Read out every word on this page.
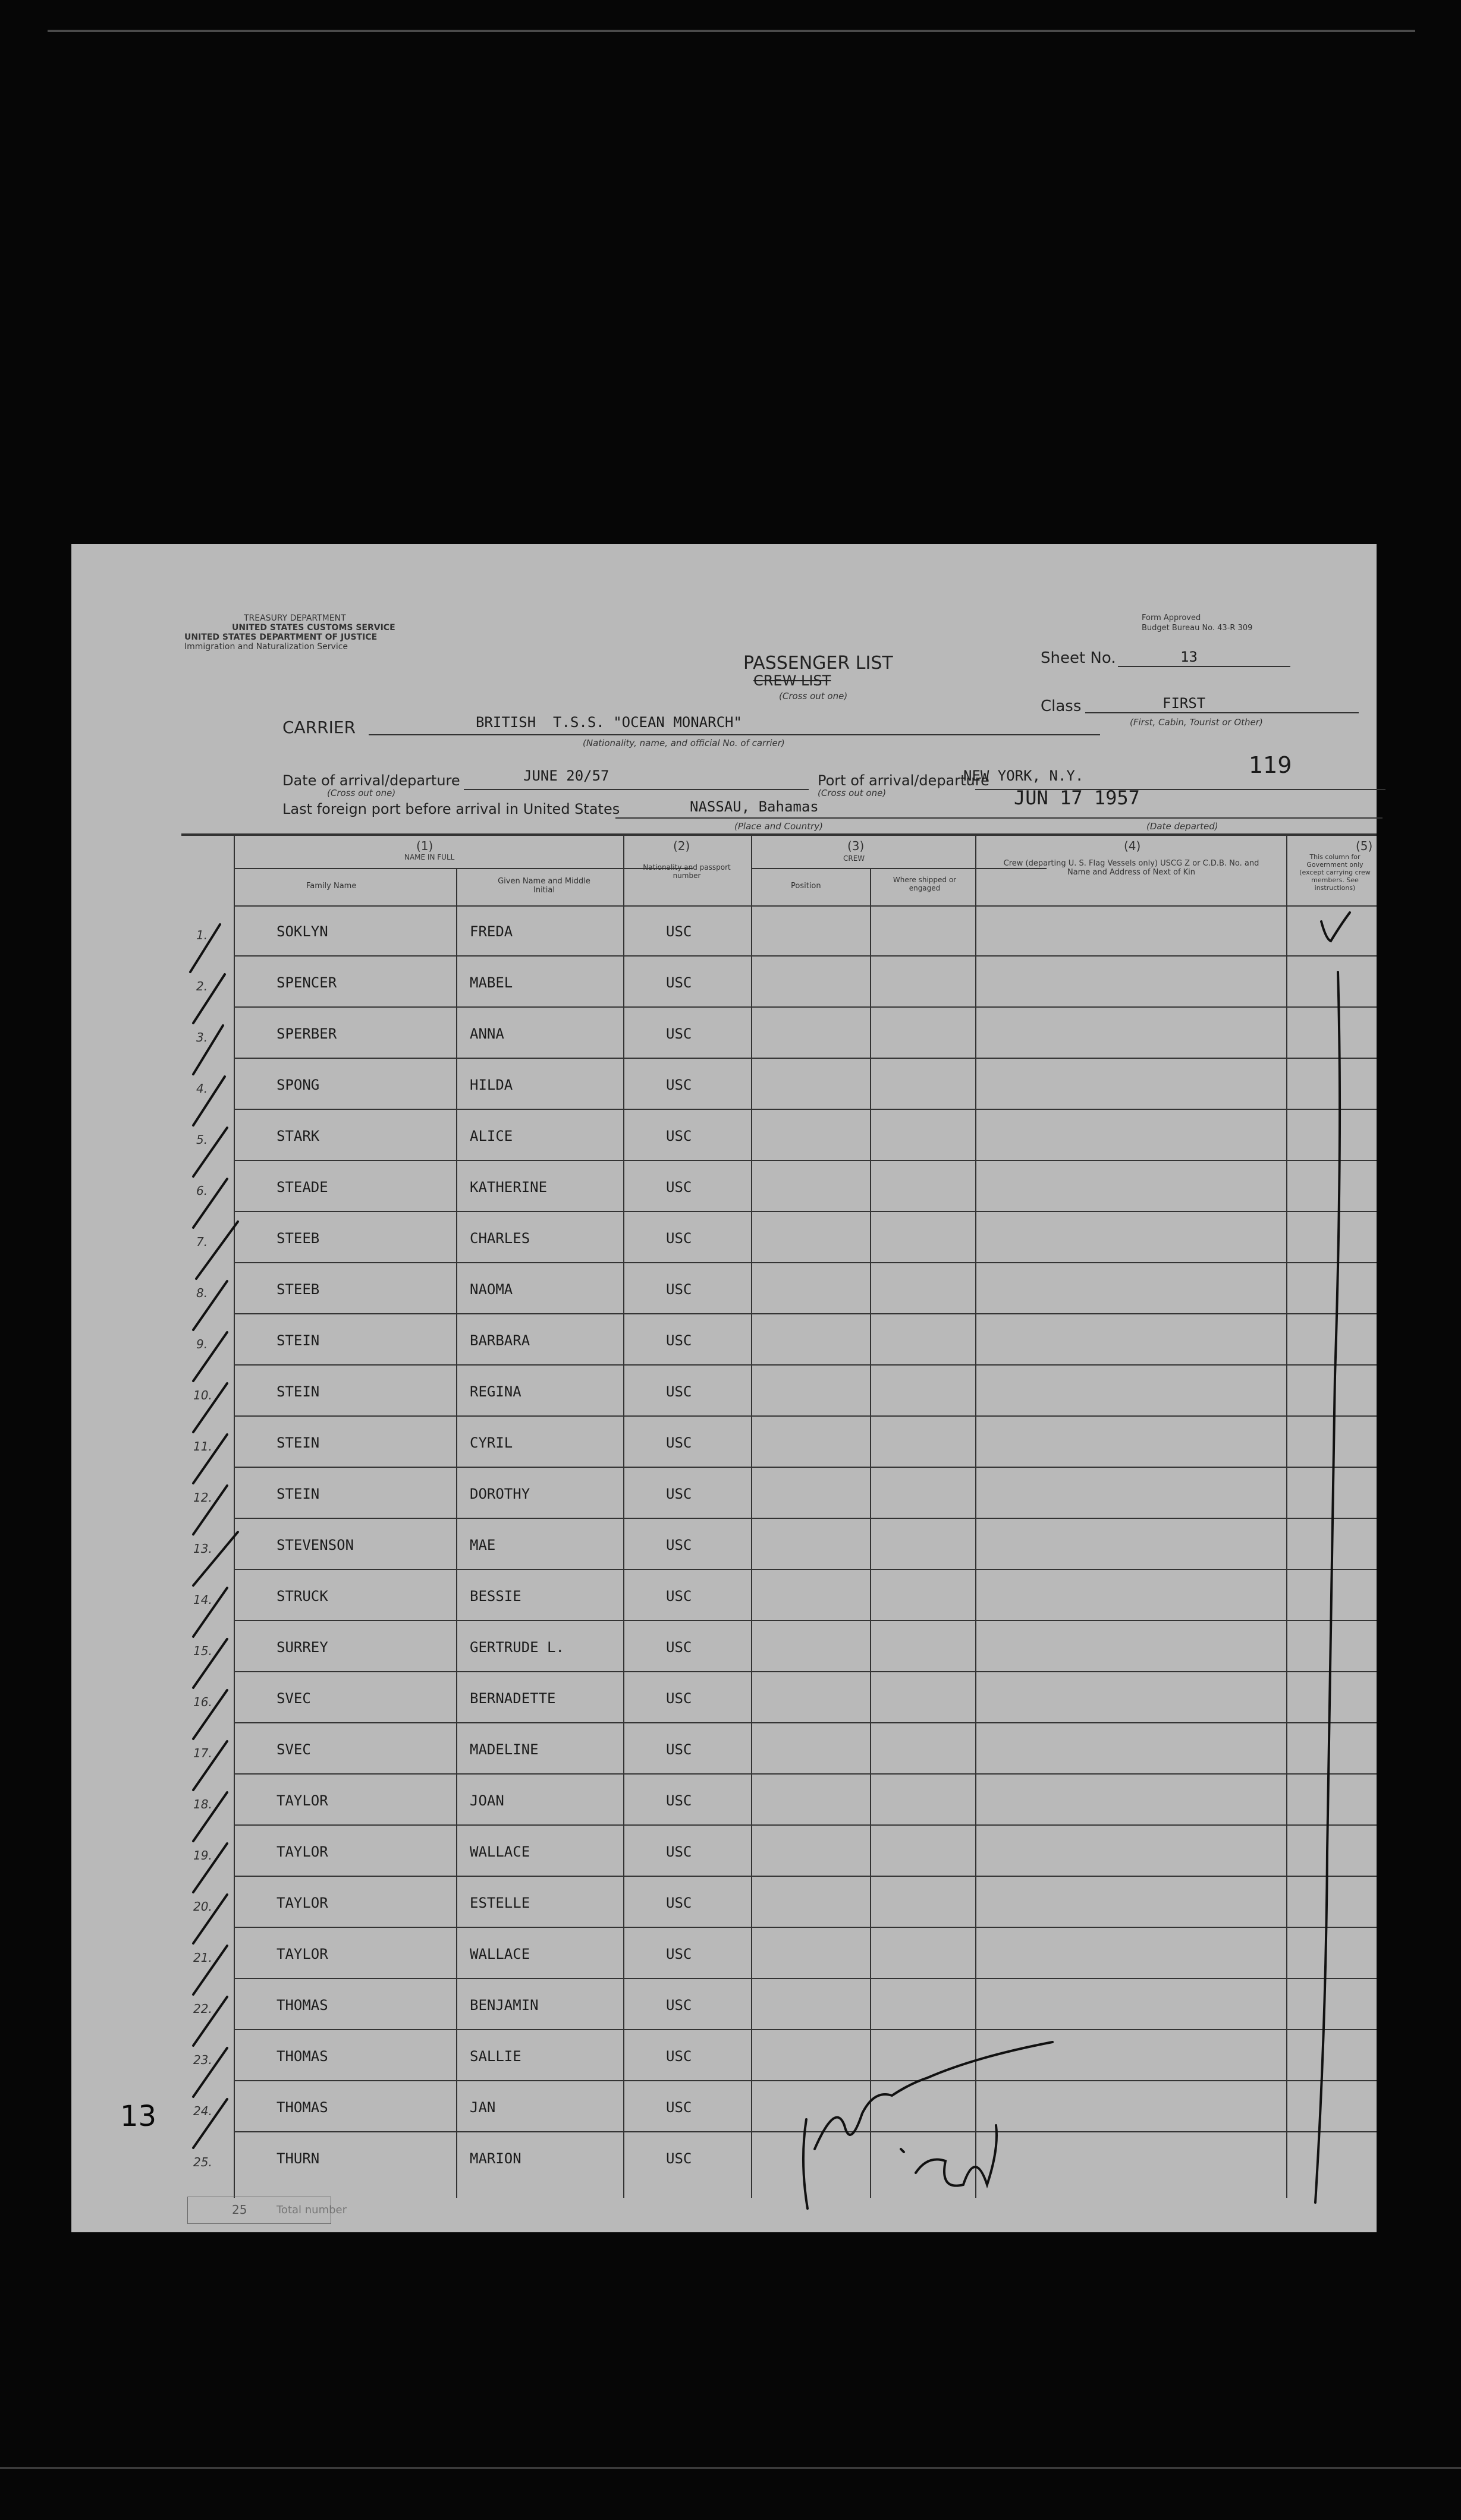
TREASURY DEPARTMENT
UNITED STATES CUSTOMS SERVICE
UNITED STATES DEPARTMENT OF JUSTICE
Immigration and Naturalization Service
Form Approved
Budget Bureau No. 43-R 309
PASSENGER LIST
CREW LIST
(Cross out one)
Sheet No.	13
Class	FIRST
(First, Cabin, Tourist or Other)
CARRIER	BRITISH  T.S.S. "OCEAN MONARCH"
(Nationality, name, and official No. of carrier)
Date of arrival/departure
(Cross out one)
JUNE 20/57	Port of arrival/departure
(Cross out one)
NEW YORK, N.Y.	119
Last foreign port before arrival in United States	NASSAU, Bahamas
(Place and Country)
JUN 17 1957
(Date departed)
(1)
NAME IN FULL
Family Name
Given Name and Middle Initial
(2)
Nationality and passport number
(3)
CREW
Position
Where shipped or engaged
(4)
Crew (departing U. S. Flag Vessels only) USCG Z or C.D.B. No. and Name and Address of Next of Kin
(5)
This column for Government only (except carrying crew members. See instructions)
1.	SOKLYN	FREDA	USC
2.	SPENCER	MABEL	USC
3.	SPERBER	ANNA	USC
4.	SPONG	HILDA	USC
5.	STARK	ALICE	USC
6.	STEADE	KATHERINE	USC
7.	STEEB	CHARLES	USC
8.	STEEB	NAOMA	USC
9.	STEIN	BARBARA	USC
10.	STEIN	REGINA	USC
11.	STEIN	CYRIL	USC
12.	STEIN	DOROTHY	USC
13.	STEVENSON	MAE	USC
14.	STRUCK	BESSIE	USC
15.	SURREY	GERTRUDE L.	USC
16.	SVEC	BERNADETTE	USC
17.	SVEC	MADELINE	USC
18.	TAYLOR	JOAN	USC
19.	TAYLOR	WALLACE	USC
20.	TAYLOR	ESTELLE	USC
21.	TAYLOR	WALLACE	USC
22.	THOMAS	BENJAMIN	USC
23.	THOMAS	SALLIE	USC
24.	THOMAS	JAN	USC
25.	THURN	MARION	USC
25	Total number
13
